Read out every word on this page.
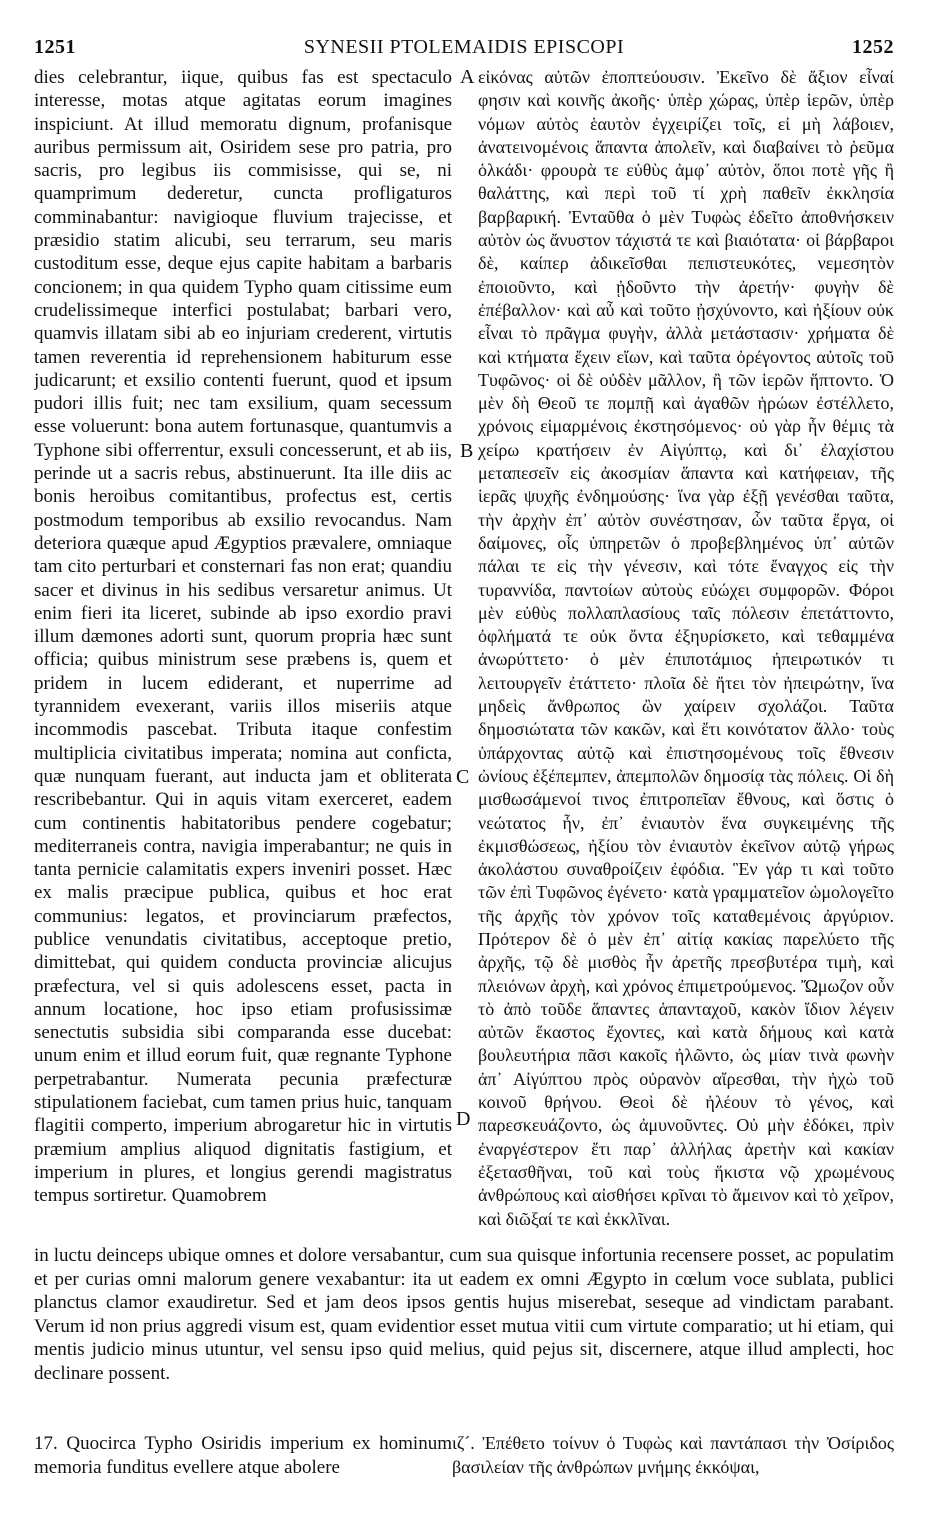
1251	SYNESII PTOLEMAIDIS EPISCOPI	1252

dies celebrantur, iique, quibus fas est spectaculo interesse, motas atque agitatas eorum imagines inspiciunt. At illud memoratu dignum, profanisque auribus permissum ait, Osiridem sese pro patria, pro sacris, pro legibus iis commisisse, qui se, ni quamprimum dederetur, cuncta profligaturos comminabantur: navigioque fluvium trajecisse, et præsidio statim alicubi, seu terrarum, seu maris custoditum esse, deque ejus capite habitam a barbaris concionem; in qua quidem Typho quam citissime eum crudelissimeque interfici postulabat; barbari vero, quamvis illatam sibi ab eo injuriam crederent, virtutis tamen reverentia id reprehensionem habiturum esse judicarunt; et exsilio contenti fuerunt, quod et ipsum pudori illis fuit; nec tam exsilium, quam secessum esse voluerunt: bona autem fortunasque, quantumvis a Typhone sibi offerrentur, exsuli concesserunt, et ab iis, perinde ut a sacris rebus, abstinuerunt. Ita ille diis ac bonis heroibus comitantibus, profectus est, certis postmodum temporibus ab exsilio revocandus. Nam deteriora quæque apud Ægyptios prævalere, omniaque tam cito perturbari et consternari fas non erat; quandiu sacer et divinus in his sedibus versaretur animus. Ut enim fieri ita liceret, subinde ab ipso exordio pravi illum dæmones adorti sunt, quorum propria hæc sunt officia; quibus ministrum sese præbens is, quem et pridem in lucem ediderant, et nuperrime ad tyrannidem evexerant, variis illos miseriis atque incommodis pascebat. Tributa itaque confestim multiplicia civitatibus imperata; nomina aut conficta, quæ nunquam fuerant, aut inducta jam et obliterata rescribebantur. Qui in aquis vitam exerceret, eadem cum continentis habitatoribus pendere cogebatur; mediterraneis contra, navigia imperabantur; ne quis in tanta pernicie calamitatis expers inveniri posset. Hæc ex malis præcipue publica, quibus et hoc erat communius: legatos, et provinciarum præfectos, publice venundatis civitatibus, acceptoque pretio, dimittebat, qui quidem conducta provinciæ alicujus præfectura, vel si quis adolescens esset, pacta in annum locatione, hoc ipso etiam profusissimæ senectutis subsidia sibi comparanda esse ducebat: unum enim et illud eorum fuit, quæ regnante Typhone perpetrabantur. Numerata pecunia præfecturæ stipulationem faciebat, cum tamen prius huic, tanquam flagitii comperto, imperium abrogaretur hic in virtutis præmium amplius aliquod dignitatis fastigium, et imperium in plures, et longius gerendi magistratus tempus sortiretur. Quamobrem

εἰκόνας αὐτῶν ἐποπτεύουσιν. Ἐκεῖνο δὲ ἄξιον εἶναί φησιν καὶ κοινῆς ἀκοῆς· ὑπὲρ χώρας, ὑπὲρ ἱερῶν, ὑπὲρ νόμων αὐτὸς ἑαυτὸν ἐγχειρίζει τοῖς, εἰ μὴ λάβοιεν, ἀνατεινομένοις ἅπαντα ἀπολεῖν, καὶ διαβαίνει τὸ ῥεῦμα ὁλκάδι· φρουρὰ τε εὐθὺς ἀμφ᾽ αὐτὸν, ὅποι ποτὲ γῆς ἢ θαλάττης, καὶ περὶ τοῦ τί χρὴ παθεῖν ἐκκλησία βαρβαρική. Ἐνταῦθα ὁ μὲν Τυφὼς ἐδεῖτο ἀποθνήσκειν αὐτὸν ὡς ἄνυστον τάχιστά τε καὶ βιαιότατα· οἱ βάρβαροι δὲ, καίπερ ἀδικεῖσθαι πεπιστευκότες, νεμεσητὸν ἐποιοῦντο, καὶ ᾐδοῦντο τὴν ἀρετήν· φυγὴν δὲ ἐπέβαλλον· καὶ αὖ καὶ τοῦτο ᾐσχύνοντο, καὶ ἠξίουν οὐκ εἶναι τὸ πρᾶγμα φυγὴν, ἀλλὰ μετάστασιν· χρήματα δὲ καὶ κτήματα ἔχειν εἴων, καὶ ταῦτα ὀρέγοντος αὐτοῖς τοῦ Τυφῶνος· οἱ δὲ οὐδὲν μᾶλλον, ἢ τῶν ἱερῶν ἥπτοντο. Ὁ μὲν δὴ Θεοῦ τε πομπῇ καὶ ἀγαθῶν ἡρώων ἐστέλλετο, χρόνοις εἱμαρμένοις ἐκστησόμενος· οὐ γὰρ ἦν θέμις τὰ χείρω κρατήσειν ἐν Αἰγύπτῳ, καὶ δι᾽ ἐλαχίστου μεταπεσεῖν εἰς ἀκοσμίαν ἅπαντα καὶ κατήφειαν, τῆς ἱερᾶς ψυχῆς ἐνδημούσης· ἵνα γὰρ ἐξῇ γενέσθαι ταῦτα, τὴν ἀρχὴν ἐπ᾽ αὐτὸν συνέστησαν, ὧν ταῦτα ἔργα, οἱ δαίμονες, οἷς ὑπηρετῶν ὁ προβεβλημένος ὑπ᾽ αὐτῶν πάλαι τε εἰς τὴν γένεσιν, καὶ τότε ἔναγχος εἰς τὴν τυραννίδα, παντοίων αὐτοὺς εὐώχει συμφορῶν. Φόροι μὲν εὐθὺς πολλαπλασίους ταῖς πόλεσιν ἐπετάττοντο, ὀφλήματά τε οὐκ ὄντα ἐξηυρίσκετο, καὶ τεθαμμένα ἀνωρύττετο· ὁ μὲν ἐπιποτάμιος ἠπειρωτικόν τι λειτουργεῖν ἐτάττετο· πλοῖα δὲ ἤτει τὸν ἠπειρώτην, ἵνα μηδεὶς ἄνθρωπος ὢν χαίρειν σχολάζοι. Ταῦτα δημοσιώτατα τῶν κακῶν, καὶ ἔτι κοινότατον ἄλλο· τοὺς ὑπάρχοντας αὐτῷ καὶ ἐπιστησομένους τοῖς ἔθνεσιν ὠνίους ἐξέπεμπεν, ἀπεμπολῶν δημοσίᾳ τὰς πόλεις. Οἱ δὴ μισθωσάμενοί τινος ἐπιτροπεῖαν ἔθνους, καὶ ὅστις ὁ νεώτατος ἦν, ἐπ᾽ ἐνιαυτὸν ἕνα συγκειμένης τῆς ἐκμισθώσεως, ἠξίου τὸν ἐνιαυτὸν ἐκεῖνον αὐτῷ γήρως ἀκολάστου συναθροίζειν ἐφόδια. Ἓν γάρ τι καὶ τοῦτο τῶν ἐπὶ Τυφῶνος ἐγένετο· κατὰ γραμματεῖον ὡμολογεῖτο τῆς ἀρχῆς τὸν χρόνον τοῖς καταθεμένοις ἀργύριον. Πρότερον δὲ ὁ μὲν ἐπ᾽ αἰτίᾳ κακίας παρελύετο τῆς ἀρχῆς, τῷ δὲ μισθὸς ἦν ἀρετῆς πρεσβυτέρα τιμὴ, καὶ πλειόνων ἀρχὴ, καὶ χρόνος ἐπιμετρούμενος. Ὤμωζον οὖν τὸ ἀπὸ τοῦδε ἅπαντες ἁπανταχοῦ, κακὸν ἴδιον λέγειν αὐτῶν ἕκαστος ἔχοντες, καὶ κατὰ δήμους καὶ κατὰ βουλευτήρια πᾶσι κακοῖς ἠλῶντο, ὡς μίαν τινὰ φωνὴν ἀπ᾽ Αἰγύπτου πρὸς οὐρανὸν αἴρεσθαι, τὴν ἠχὼ τοῦ κοινοῦ θρήνου. Θεοὶ δὲ ἠλέουν τὸ γένος, καὶ παρεσκευάζοντο, ὡς ἀμυνοῦντες. Οὐ μὴν ἐδόκει, πρὶν ἐναργέστερον ἔτι παρ᾽ ἀλλήλας ἀρετὴν καὶ κακίαν ἐξετασθῆναι, τοῦ καὶ τοὺς ἥκιστα νῷ χρωμένους ἀνθρώπους καὶ αἰσθήσει κρῖναι τὸ ἄμεινον καὶ τὸ χεῖρον, καὶ διῶξαί τε καὶ ἐκκλῖναι.

A
B
C
D

in luctu deinceps ubique omnes et dolore versabantur, cum sua quisque infortunia recensere posset, ac populatim et per curias omni malorum genere vexabantur: ita ut eadem ex omni Ægypto in cœlum voce sublata, publici planctus clamor exaudiretur. Sed et jam deos ipsos gentis hujus miserebat, seseque ad vindictam parabant. Verum id non prius aggredi visum est, quam evidentior esset mutua vitii cum virtute comparatio; ut hi etiam, qui mentis judicio minus utuntur, vel sensu ipso quid melius, quid pejus sit, discernere, atque illud amplecti, hoc declinare possent.

17. Quocirca Typho Osiridis imperium ex hominum memoria funditus evellere atque abolere

ιζ´. Ἐπέθετο τοίνυν ὁ Τυφὼς καὶ παντάπασι τὴν Ὀσίριδος βασιλείαν τῆς ἀνθρώπων μνήμης ἐκκόψαι,
